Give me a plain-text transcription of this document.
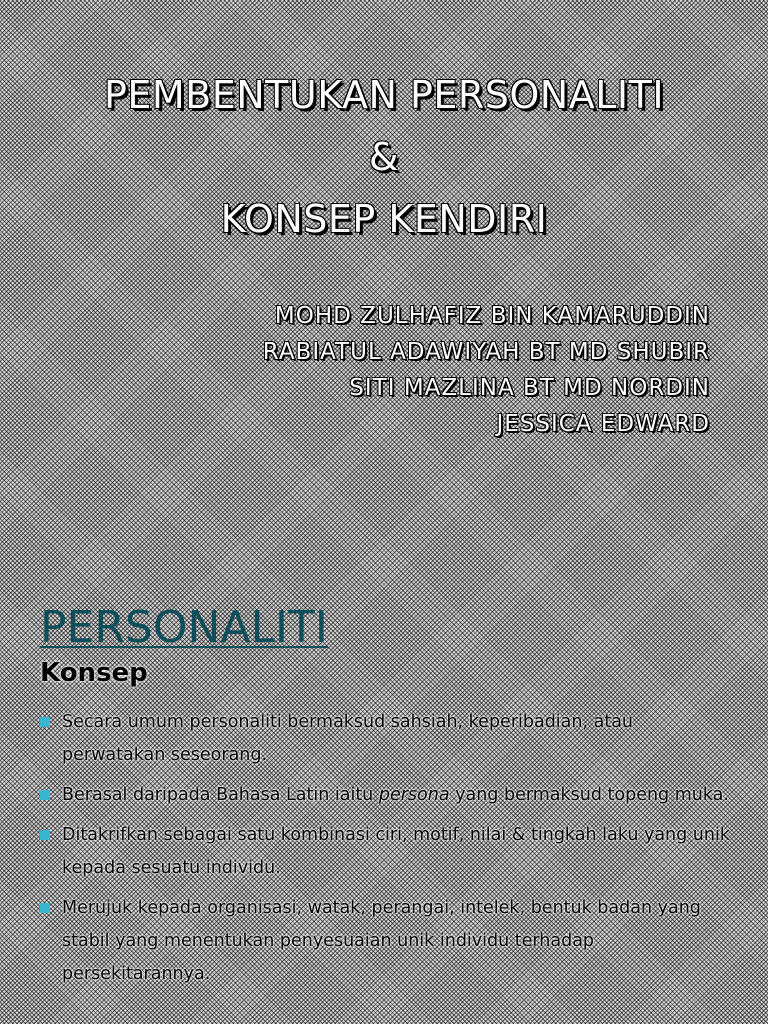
PEMBENTUKAN PERSONALITI
&
KONSEP KENDIRI
MOHD ZULHAFIZ BIN KAMARUDDIN
RABIATUL ADAWIYAH BT MD SHUBIR
SITI MAZLINA BT MD NORDIN
JESSICA EDWARD
PERSONALITI
Konsep
Secara umum personaliti bermaksud sahsiah, keperibadian, atau perwatakan seseorang.
Berasal daripada Bahasa Latin iaitu persona yang bermaksud topeng muka.
Ditakrifkan sebagai satu kombinasi ciri, motif, nilai & tingkah laku yang unik kepada sesuatu individu.
Merujuk kepada organisasi, watak, perangai, intelek, bentuk badan yang stabil yang menentukan penyesuaian unik individu terhadap persekitarannya.
